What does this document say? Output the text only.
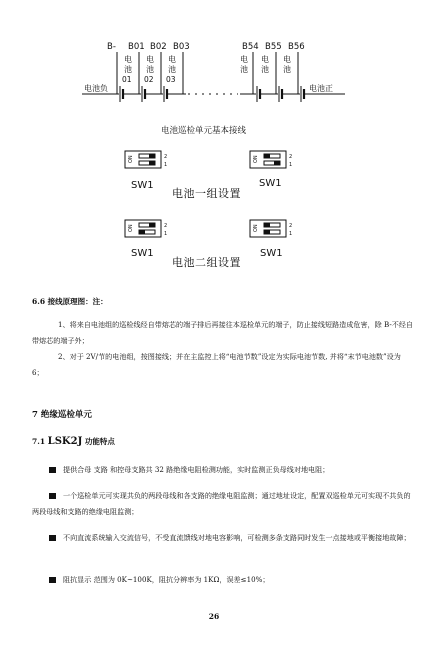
B- B01 B02 B03	B54 B55 B56
电
池
01
电
池
02
电
池
03
电
池
电
池
电
池
电池负	电池正
电池巡检单元基本接线
ON	2
1
SW1
ON	2
1
SW1
电池一组设置
ON	2
1
SW1
ON	2
1
SW1
电池二组设置
6.6 接线原理图：注：
1、将来自电池组的巡检线经自带熔芯的端子排后再接往本巡检单元的端子，防止接线短路造成危害，除 B-不经自带熔芯的端子外；
2、对于 2V/节的电池组，按图接线；并在主监控上将“电池节数”设定为实际电池节数, 并将“末节电池数”设为 6；
7 绝缘巡检单元
7.1 LSK2J 功能特点
提供合母 支路 和控母支路共 32 路绝缘电阻检测功能，实时监测正负母线对地电阻；
一个巡检单元可实现共负的两段母线和各支路的绝缘电阻监测；通过地址设定，配置双巡检单元可实现不共负的两段母线和支路的绝缘电阻监测；
不向直流系统输入交流信号，不受直流馈线对地电容影响，可检测多条支路同时发生一点接地或平衡接地故障；
阻抗显示 范围为 0K~100K，阻抗分辨率为 1KΩ，误差≤10%；
26
